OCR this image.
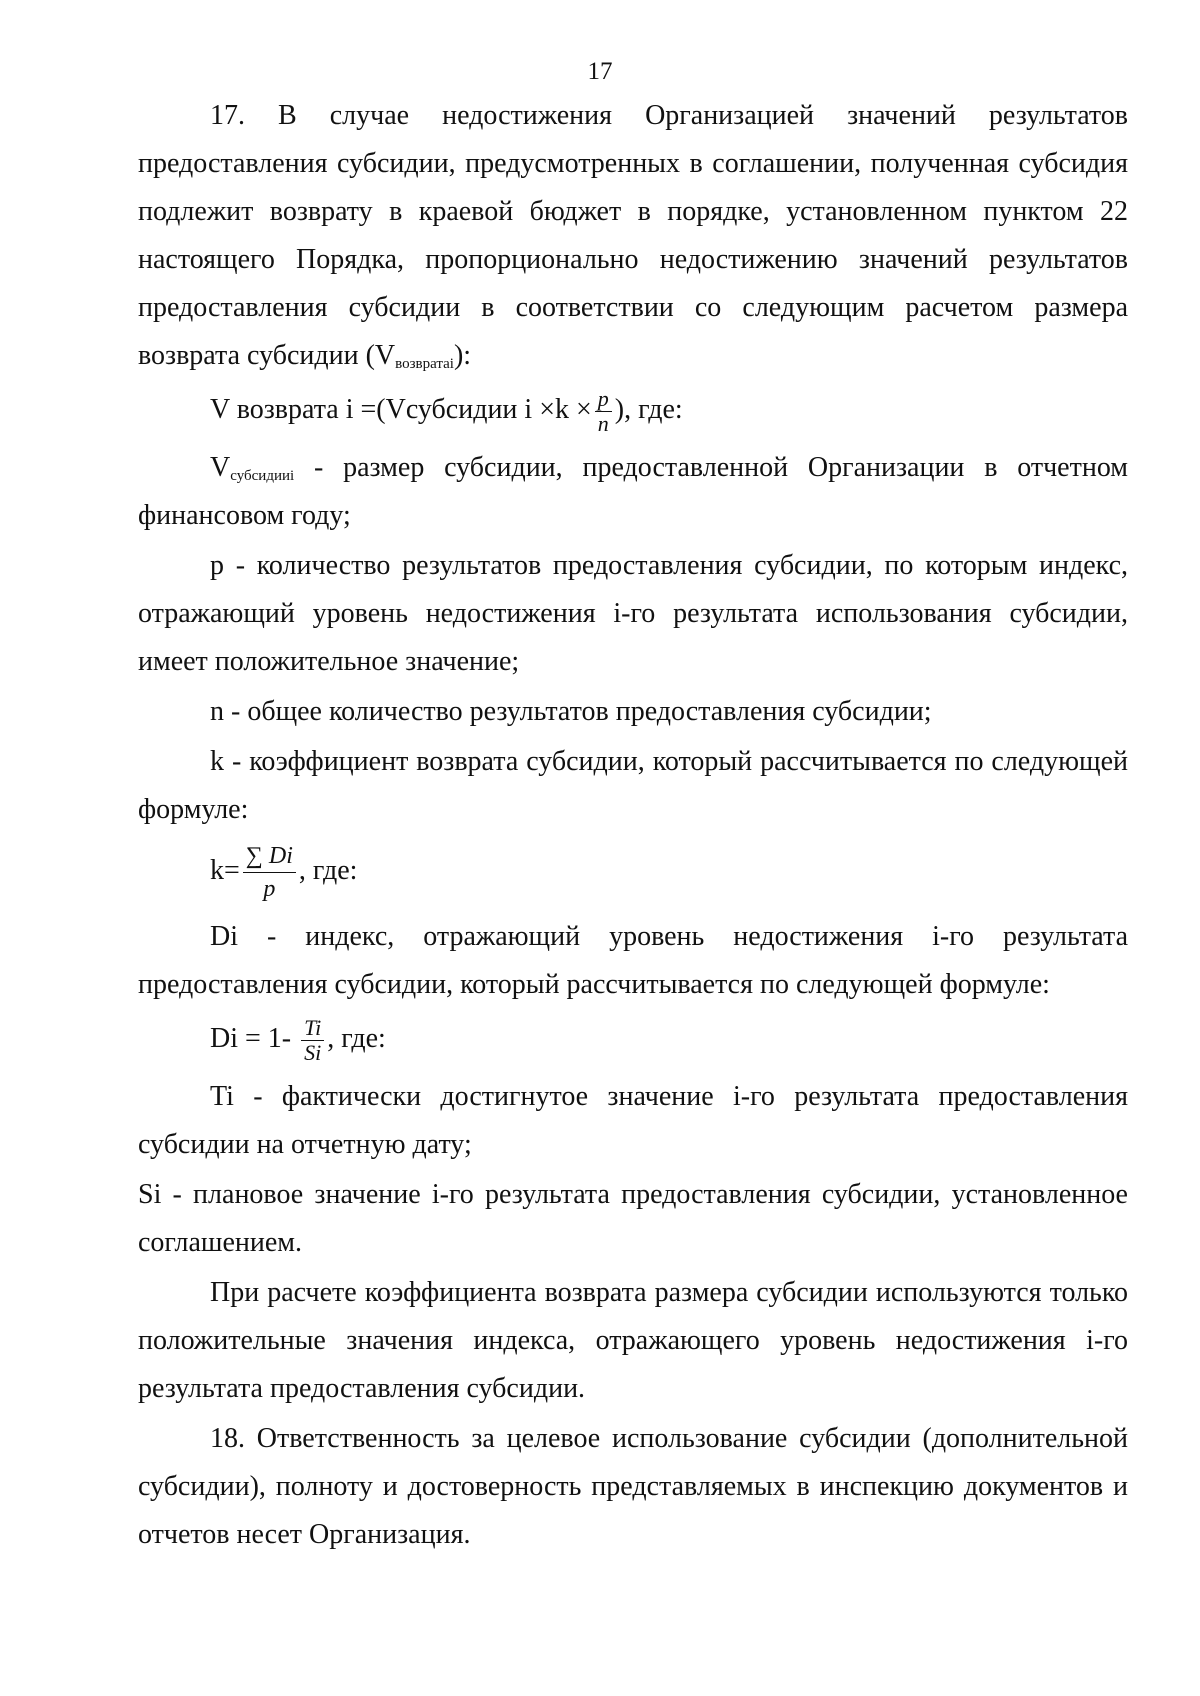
17

17. В случае недостижения Организацией значений результатов предоставления субсидии, предусмотренных в соглашении, полученная субсидия подлежит возврату в краевой бюджет в порядке, установленном пунктом 22 настоящего Порядка, пропорционально недостижению значений результатов предоставления субсидии в соответствии со следующим расчетом размера возврата субсидии $(V_{возвратаi})$:

V возврата i =(Vсубсидии $i \times k \times \frac{p}{n}$ ), где:

$V_{субсидииi}$ - размер субсидии, предоставленной Организации в отчетном финансовом году;

p - количество результатов предоставления субсидии, по которым индекс, отражающий уровень недостижения i-го результата использования субсидии, имеет положительное значение;

n - общее количество результатов предоставления субсидии;

k - коэффициент возврата субсидии, который рассчитывается по следующей формуле:

$k= \frac{\sum Di}{p}$ , где:

Di - индекс, отражающий уровень недостижения i-го результата предоставления субсидии, который рассчитывается по следующей формуле:

$Di = 1- \frac{Ti}{Si}$ , где:

Ti - фактически достигнутое значение i-го результата предоставления субсидии на отчетную дату;

Si - плановое значение i-го результата предоставления субсидии, установленное соглашением.

При расчете коэффициента возврата размера субсидии используются только положительные значения индекса, отражающего уровень недостижения i-го результата предоставления субсидии.

18. Ответственность за целевое использование субсидии (дополнительной субсидии), полноту и достоверность представляемых в инспекцию документов и отчетов несет Организация.
